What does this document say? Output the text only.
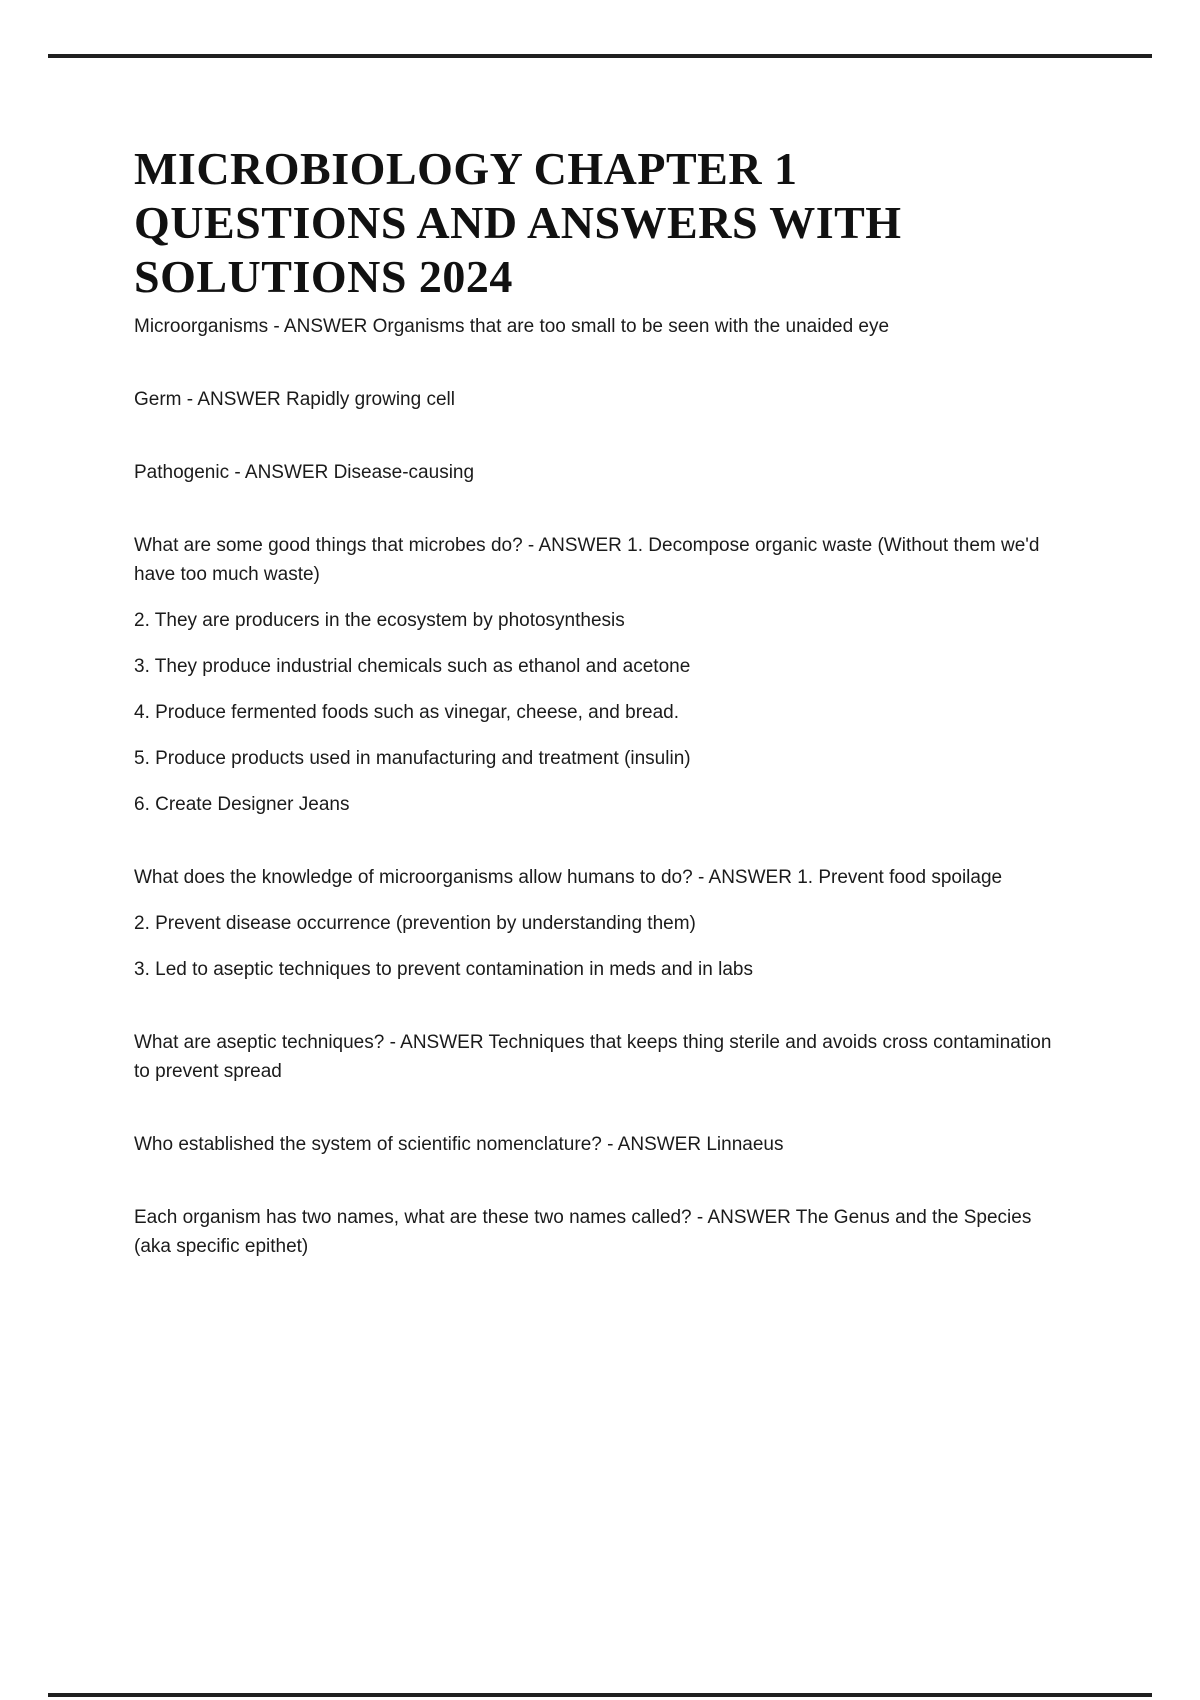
MICROBIOLOGY CHAPTER 1
QUESTIONS AND ANSWERS WITH
SOLUTIONS 2024

Microorganisms - ANSWER Organisms that are too small to be seen with the unaided eye

Germ - ANSWER Rapidly growing cell

Pathogenic - ANSWER Disease-causing

What are some good things that microbes do? - ANSWER 1. Decompose organic waste (Without them we'd have too much waste)

2. They are producers in the ecosystem by photosynthesis

3. They produce industrial chemicals such as ethanol and acetone

4. Produce fermented foods such as vinegar, cheese, and bread.

5. Produce products used in manufacturing and treatment (insulin)

6. Create Designer Jeans

What does the knowledge of microorganisms allow humans to do? - ANSWER 1. Prevent food spoilage

2. Prevent disease occurrence (prevention by understanding them)

3. Led to aseptic techniques to prevent contamination in meds and in labs

What are aseptic techniques? - ANSWER Techniques that keeps thing sterile and avoids cross contamination to prevent spread

Who established the system of scientific nomenclature? - ANSWER Linnaeus

Each organism has two names, what are these two names called? - ANSWER The Genus and the Species (aka specific epithet)
